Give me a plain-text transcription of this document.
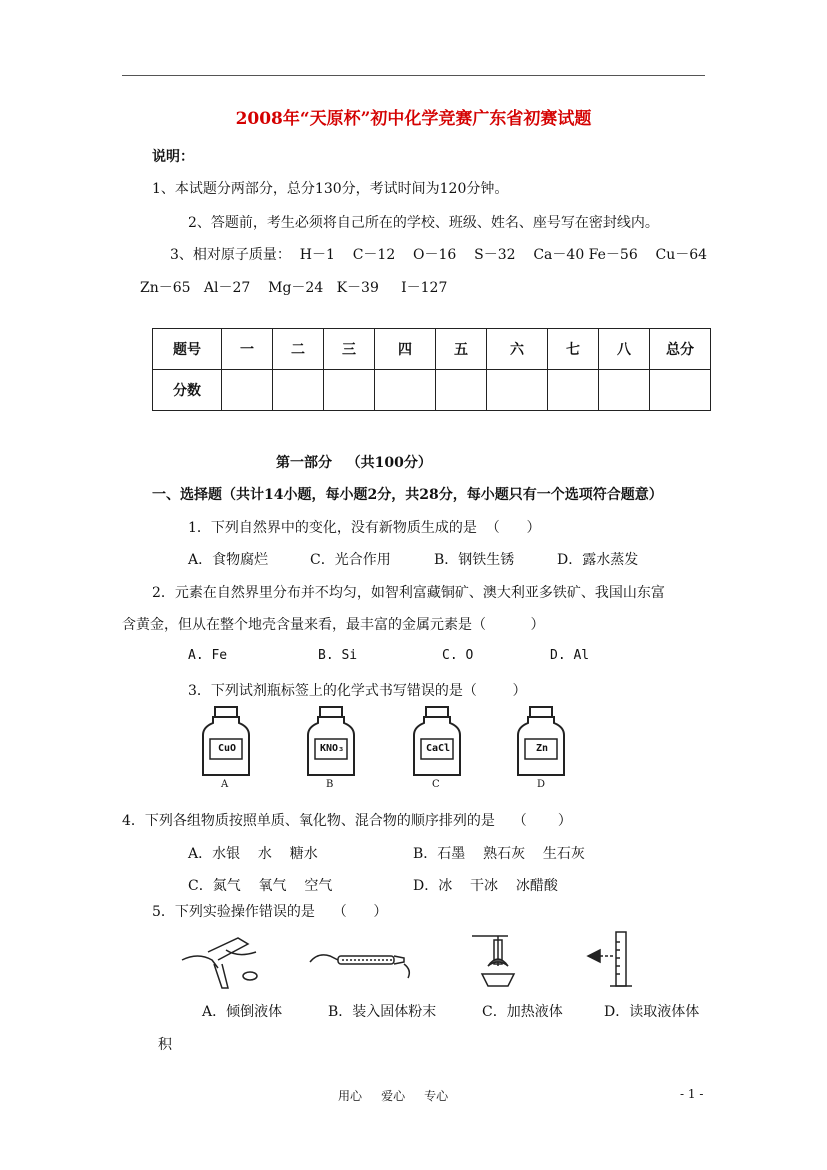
2008年“天原杯”初中化学竞赛广东省初赛试题
说明：
1、本试题分两部分，总分130分，考试时间为120分钟。
2、答题前，考生必须将自己所在的学校、班级、姓名、座号写在密封线内。
3、相对原子质量：  H－1    C－12    O－16    S－32    Ca－40 Fe－56    Cu－64
Zn－65   Al－27    Mg－24   K－39     I－127
题号	一	二	三	四	五	六	七	八	总分
分数									
第一部分   （共100分）
一、选择题（共计14小题，每小题2分，共28分，每小题只有一个选项符合题意）
1．下列自然界中的变化，没有新物质生成的是  （      ）
A．食物腐烂	C．光合作用	B．钢铁生锈	D．露水蒸发
2．元素在自然界里分布并不均匀，如智利富藏铜矿、澳大利亚多铁矿、我国山东富
含黄金，但从在整个地壳含量来看，最丰富的金属元素是（          ）
A. Fe	B. Si	C. O	D. Al
3．下列试剂瓶标签上的化学式书写错误的是（        ）
CuO	KNO₃	CaCl	Zn
A	B	C	D
4．下列各组物质按照单质、氧化物、混合物的顺序排列的是    （       ）
A．水银    水    糖水	B．石墨    熟石灰    生石灰
C．氮气    氧气    空气	D．冰    干冰    冰醋酸
5．下列实验操作错误的是    （      ）
A．倾倒液体	B．装入固体粉末	C．加热液体	D．读取液体体
积
用心     爱心     专心	- 1 -
